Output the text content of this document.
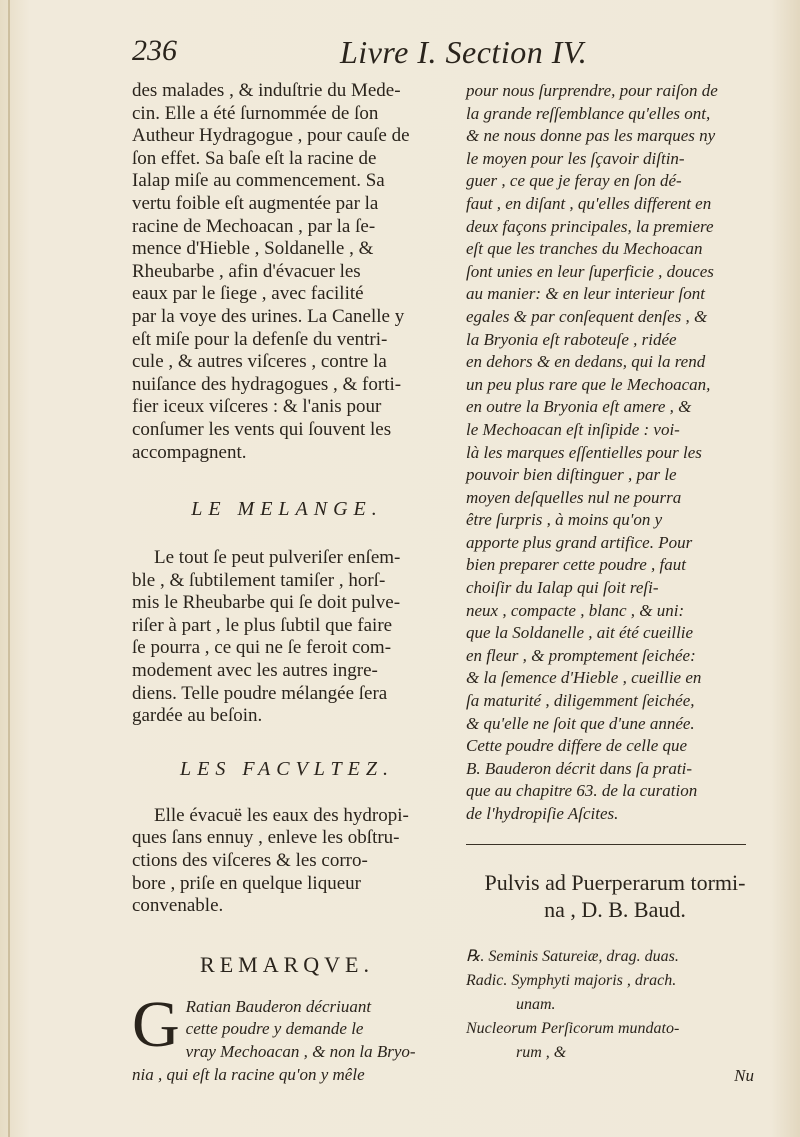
236	Livre I. Section IV.
des malades , & induſtrie du Mede-
cin. Elle a été ſurnommée de ſon
Autheur Hydragogue , pour cauſe de
ſon effet. Sa baſe eſt la racine de
Ialap miſe au commencement. Sa
vertu foible eſt augmentée par la
racine de Mechoacan , par la ſe-
mence d'Hieble , Soldanelle , &
Rheubarbe , afin d'évacuer les
eaux par le ſiege , avec facilité
par la voye des urines. La Canelle y
eſt miſe pour la defenſe du ventri-
cule , & autres viſceres , contre la
nuiſance des hydragogues , & forti-
fier iceux viſceres : & l'anis pour
conſumer les vents qui ſouvent les
accompagnent.
LE MELANGE.
Le tout ſe peut pulveriſer enſem-
ble , & ſubtilement tamiſer , horſ-
mis le Rheubarbe qui ſe doit pulve-
riſer à part , le plus ſubtil que faire
ſe pourra , ce qui ne ſe feroit com-
modement avec les autres ingre-
diens. Telle poudre mélangée ſera
gardée au beſoin.
LES FACVLTEZ.
Elle évacuë les eaux des hydropi-
ques ſans ennuy , enleve les obſtru-
ctions des viſceres & les corro-
bore , priſe en quelque liqueur
convenable.
REMARQVE.
G Ratian Bauderon décriuant
cette poudre y demande le
vray Mechoacan , & non la Bryo-
nia , qui eſt la racine qu'on y mêle
pour nous ſurprendre, pour raiſon de
la grande reſſemblance qu'elles ont,
& ne nous donne pas les marques ny
le moyen pour les ſçavoir diſtin-
guer , ce que je feray en ſon dé-
faut , en diſant , qu'elles different en
deux façons principales, la premiere
eſt que les tranches du Mechoacan
ſont unies en leur ſuperficie , douces
au manier: & en leur interieur ſont
egales & par conſequent denſes , &
la Bryonia eſt raboteuſe , ridée
en dehors & en dedans, qui la rend
un peu plus rare que le Mechoacan,
en outre la Bryonia eſt amere , &
le Mechoacan eſt inſipide : voi-
là les marques eſſentielles pour les
pouvoir bien diſtinguer , par le
moyen deſquelles nul ne pourra
être ſurpris , à moins qu'on y
apporte plus grand artifice. Pour
bien preparer cette poudre , faut
choiſir du Ialap qui ſoit reſi-
neux , compacte , blanc , & uni:
que la Soldanelle , ait été cueillie
en fleur , & promptement ſeichée:
& la ſemence d'Hieble , cueillie en
ſa maturité , diligemment ſeichée,
& qu'elle ne ſoit que d'une année.
Cette poudre differe de celle que
B. Bauderon décrit dans ſa prati-
que au chapitre 63. de la curation
de l'hydropiſie Aſcites.
Pulvis ad Puerperarum tormi-
na , D. B. Baud.
℞. Seminis Satureiæ, drag. duas.
Radic. Symphyti majoris , drach.
unam.
Nucleorum Perſicorum mundato-
rum , &
Nu
